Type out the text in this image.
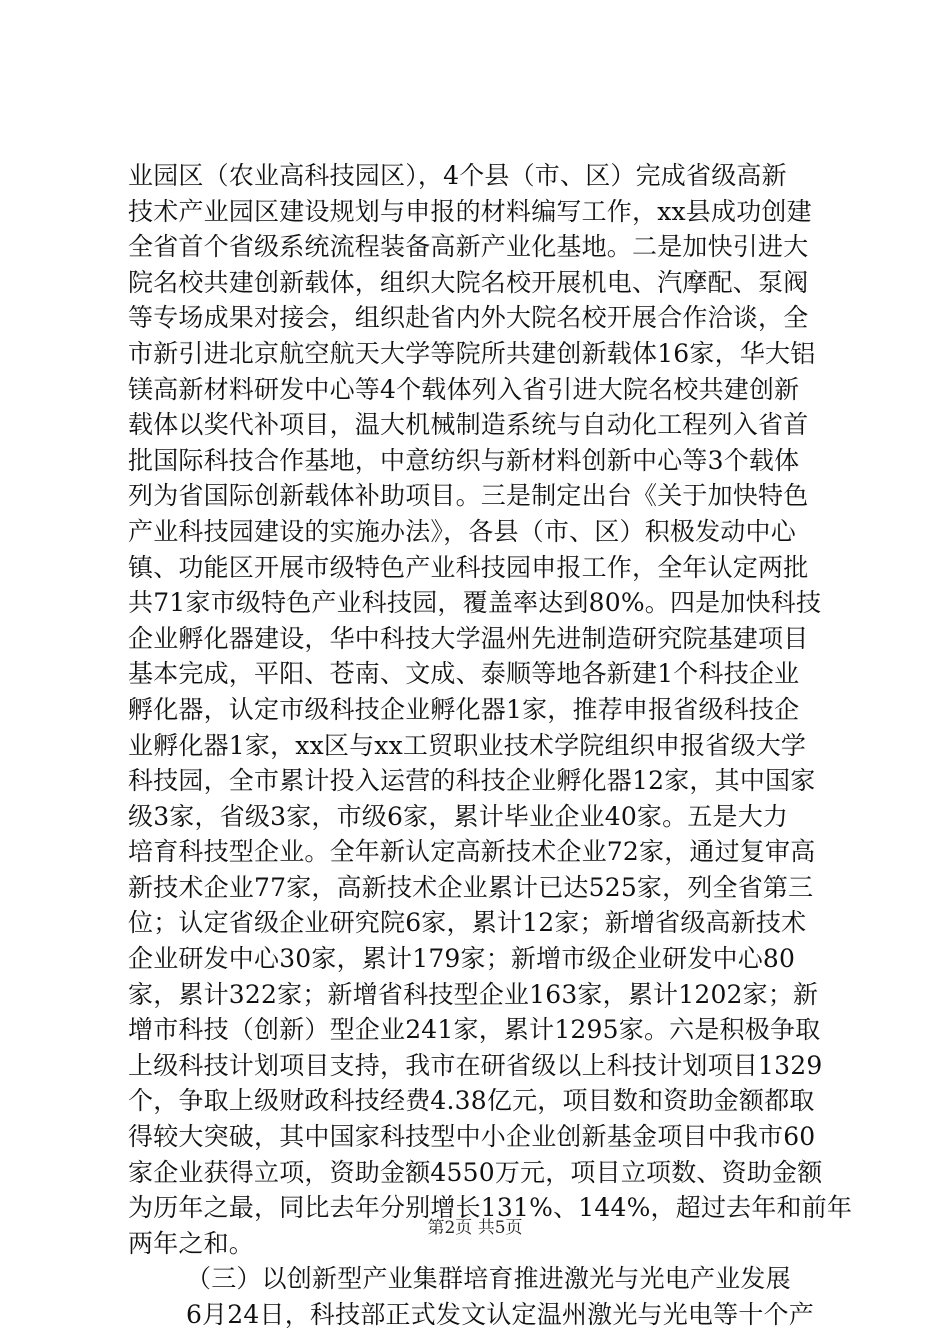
业园区（农业高科技园区），4个县（市、区）完成省级高新
技术产业园区建设规划与申报的材料编写工作，xx县成功创建
全省首个省级系统流程装备高新产业化基地。二是加快引进大
院名校共建创新载体，组织大院名校开展机电、汽摩配、泵阀
等专场成果对接会，组织赴省内外大院名校开展合作洽谈，全
市新引进北京航空航天大学等院所共建创新载体16家，华大铝
镁高新材料研发中心等4个载体列入省引进大院名校共建创新
载体以奖代补项目，温大机械制造系统与自动化工程列入省首
批国际科技合作基地，中意纺织与新材料创新中心等3个载体
列为省国际创新载体补助项目。三是制定出台《关于加快特色
产业科技园建设的实施办法》，各县（市、区）积极发动中心
镇、功能区开展市级特色产业科技园申报工作，全年认定两批
共71家市级特色产业科技园，覆盖率达到80%。四是加快科技
企业孵化器建设，华中科技大学温州先进制造研究院基建项目
基本完成，平阳、苍南、文成、泰顺等地各新建1个科技企业
孵化器，认定市级科技企业孵化器1家，推荐申报省级科技企
业孵化器1家，xx区与xx工贸职业技术学院组织申报省级大学
科技园，全市累计投入运营的科技企业孵化器12家，其中国家
级3家，省级3家，市级6家，累计毕业企业40家。五是大力
培育科技型企业。全年新认定高新技术企业72家，通过复审高
新技术企业77家，高新技术企业累计已达525家，列全省第三
位；认定省级企业研究院6家，累计12家；新增省级高新技术
企业研发中心30家，累计179家；新增市级企业研发中心80
家，累计322家；新增省科技型企业163家，累计1202家；新
增市科技（创新）型企业241家，累计1295家。六是积极争取
上级科技计划项目支持，我市在研省级以上科技计划项目1329
个，争取上级财政科技经费4.38亿元，项目数和资助金额都取
得较大突破，其中国家科技型中小企业创新基金项目中我市60
家企业获得立项，资助金额4550万元，项目立项数、资助金额
为历年之最，同比去年分别增长131%、144%，超过去年和前年
两年之和。
（三）以创新型产业集群培育推进激光与光电产业发展
6月24日，科技部正式发文认定温州激光与光电等十个产
第2页 共5页
